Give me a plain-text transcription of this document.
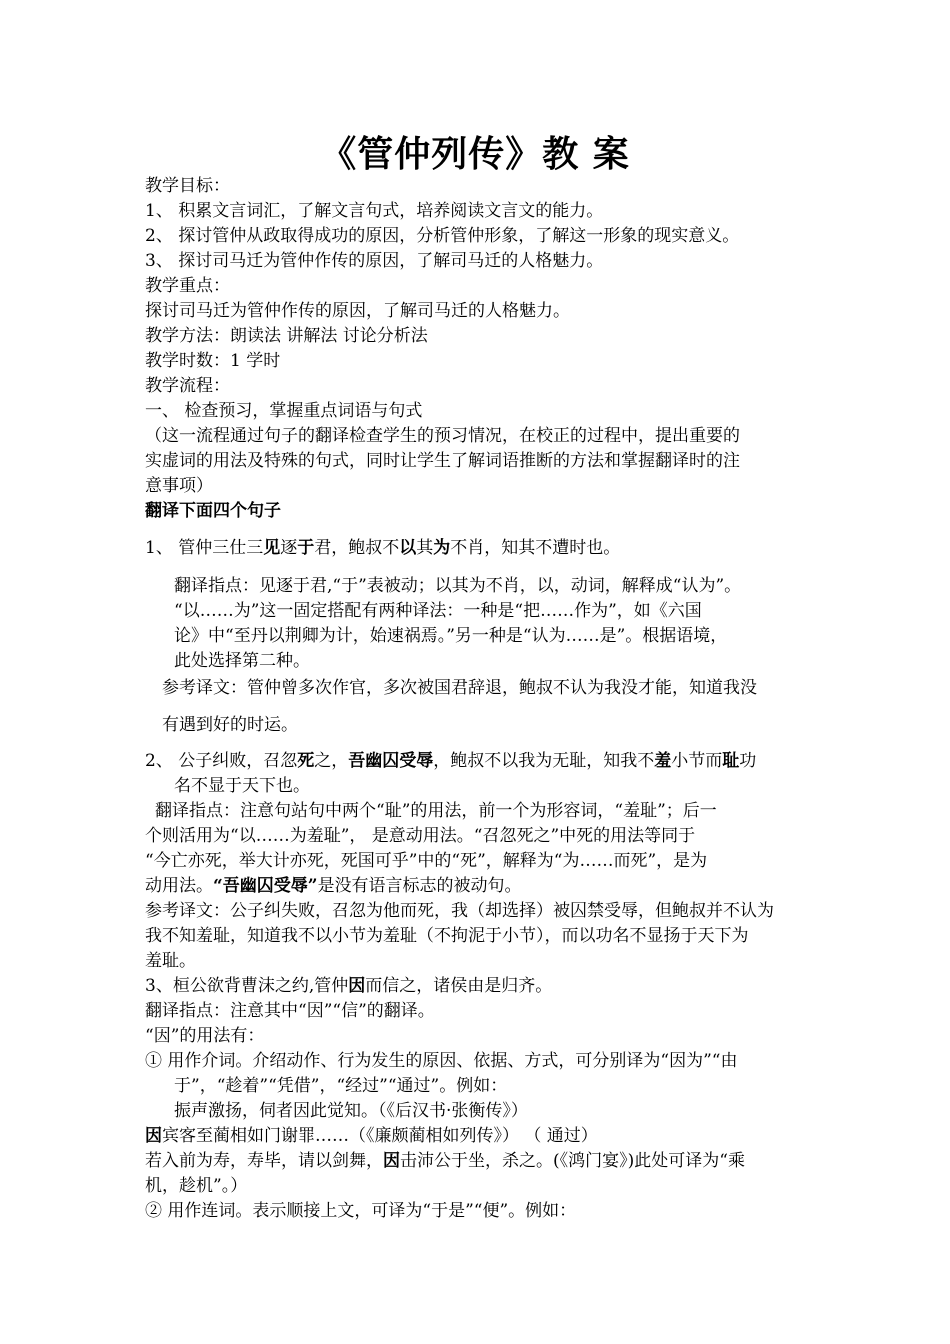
《管仲列传》教 案
教学目标：
1、 积累文言词汇，了解文言句式，培养阅读文言文的能力。
2、 探讨管仲从政取得成功的原因，分析管仲形象，了解这一形象的现实意义。
3、 探讨司马迁为管仲作传的原因，了解司马迁的人格魅力。
教学重点：
探讨司马迁为管仲作传的原因，了解司马迁的人格魅力。
教学方法：朗读法 讲解法 讨论分析法
教学时数：1 学时
教学流程：
一、 检查预习，掌握重点词语与句式
（这一流程通过句子的翻译检查学生的预习情况，在校正的过程中，提出重要的
实虚词的用法及特殊的句式，同时让学生了解词语推断的方法和掌握翻译时的注
意事项）
翻译下面四个句子
1、 管仲三仕三见逐于君，鲍叔不以其为不肖，知其不遭时也。
翻译指点：见逐于君,“于”表被动；以其为不肖，以，动词，解释成“认为”。
“以……为”这一固定搭配有两种译法：一种是“把……作为”，如《六国
论》中“至丹以荆卿为计，始速祸焉。”另一种是“认为……是”。根据语境，
此处选择第二种。
参考译文：管仲曾多次作官，多次被国君辞退，鲍叔不认为我没才能，知道我没
有遇到好的时运。
2、 公子纠败，召忽死之，吾幽囚受辱，鲍叔不以我为无耻，知我不羞小节而耻功
名不显于天下也。
翻译指点：注意句站句中两个“耻”的用法，前一个为形容词，“羞耻”；后一
个则活用为“以……为羞耻”， 是意动用法。“召忽死之”中死的用法等同于
“今亡亦死，举大计亦死，死国可乎”中的“死”，解释为“为……而死”，是为
动用法。“吾幽囚受辱”是没有语言标志的被动句。
参考译文：公子纠失败，召忽为他而死，我（却选择）被囚禁受辱，但鲍叔并不认为
我不知羞耻，知道我不以小节为羞耻（不拘泥于小节），而以功名不显扬于天下为
羞耻。
3、桓公欲背曹沫之约,管仲因而信之，诸侯由是归齐。
翻译指点：注意其中“因”“信”的翻译。
“因”的用法有：
① 用作介词。介绍动作、行为发生的原因、依据、方式，可分别译为“因为”“由
于”，“趁着”“凭借”，“经过”“通过”。例如：
振声激扬，伺者因此觉知。（《后汉书·张衡传》）
因宾客至蔺相如门谢罪……（《廉颇蔺相如列传》） （ 通过）
若入前为寿，寿毕，请以剑舞，因击沛公于坐，杀之。(《鸿门宴》)此处可译为“乘
机，趁机”。）
② 用作连词。表示顺接上文，可译为“于是”“便”。例如：
